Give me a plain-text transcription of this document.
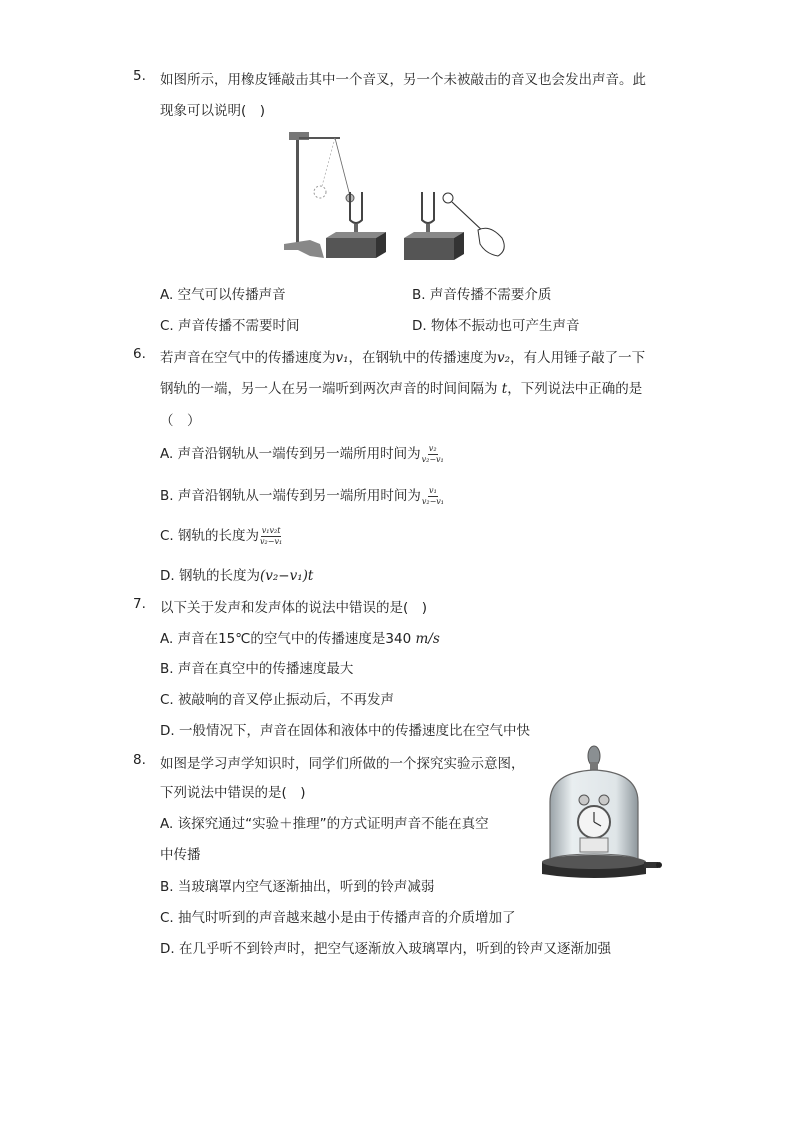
5. 如图所示，用橡皮锤敲击其中一个音叉，另一个未被敲击的音叉也会发出声音。此
现象可以说明(　)
A. 空气可以传播声音	B. 声音传播不需要介质
C. 声音传播不需要时间	D. 物体不振动也可产生声音
6. 若声音在空气中的传播速度为v₁，在钢轨中的传播速度为v₂，有人用锤子敲了一下
钢轨的一端，另一人在另一端听到两次声音的时间间隔为 t，下列说法中正确的是
（　）
A. 声音沿钢轨从一端传到另一端所用时间为 $\frac{\text{v₂}}{\text{v₂−v₁}}$
B. 声音沿钢轨从一端传到另一端所用时间为 $\frac{\text{v₁}}{\text{v₂−v₁}}$
C. 钢轨的长度为 $\frac{\text{v₁v₂t}}{\text{v₂−v₁}}$
D. 钢轨的长度为(v₂−v₁)t
7. 以下关于发声和发声体的说法中错误的是(　)
A. 声音在15℃的空气中的传播速度是340 m/s
B. 声音在真空中的传播速度最大
C. 被敲响的音叉停止振动后，不再发声
D. 一般情况下，声音在固体和液体中的传播速度比在空气中快
8. 如图是学习声学知识时，同学们所做的一个探究实验示意图，
下列说法中错误的是(　)
A. 该探究通过“实验＋推理”的方式证明声音不能在真空
中传播
B. 当玻璃罩内空气逐渐抽出，听到的铃声减弱
C. 抽气时听到的声音越来越小是由于传播声音的介质增加了
D. 在几乎听不到铃声时，把空气逐渐放入玻璃罩内，听到的铃声又逐渐加强
